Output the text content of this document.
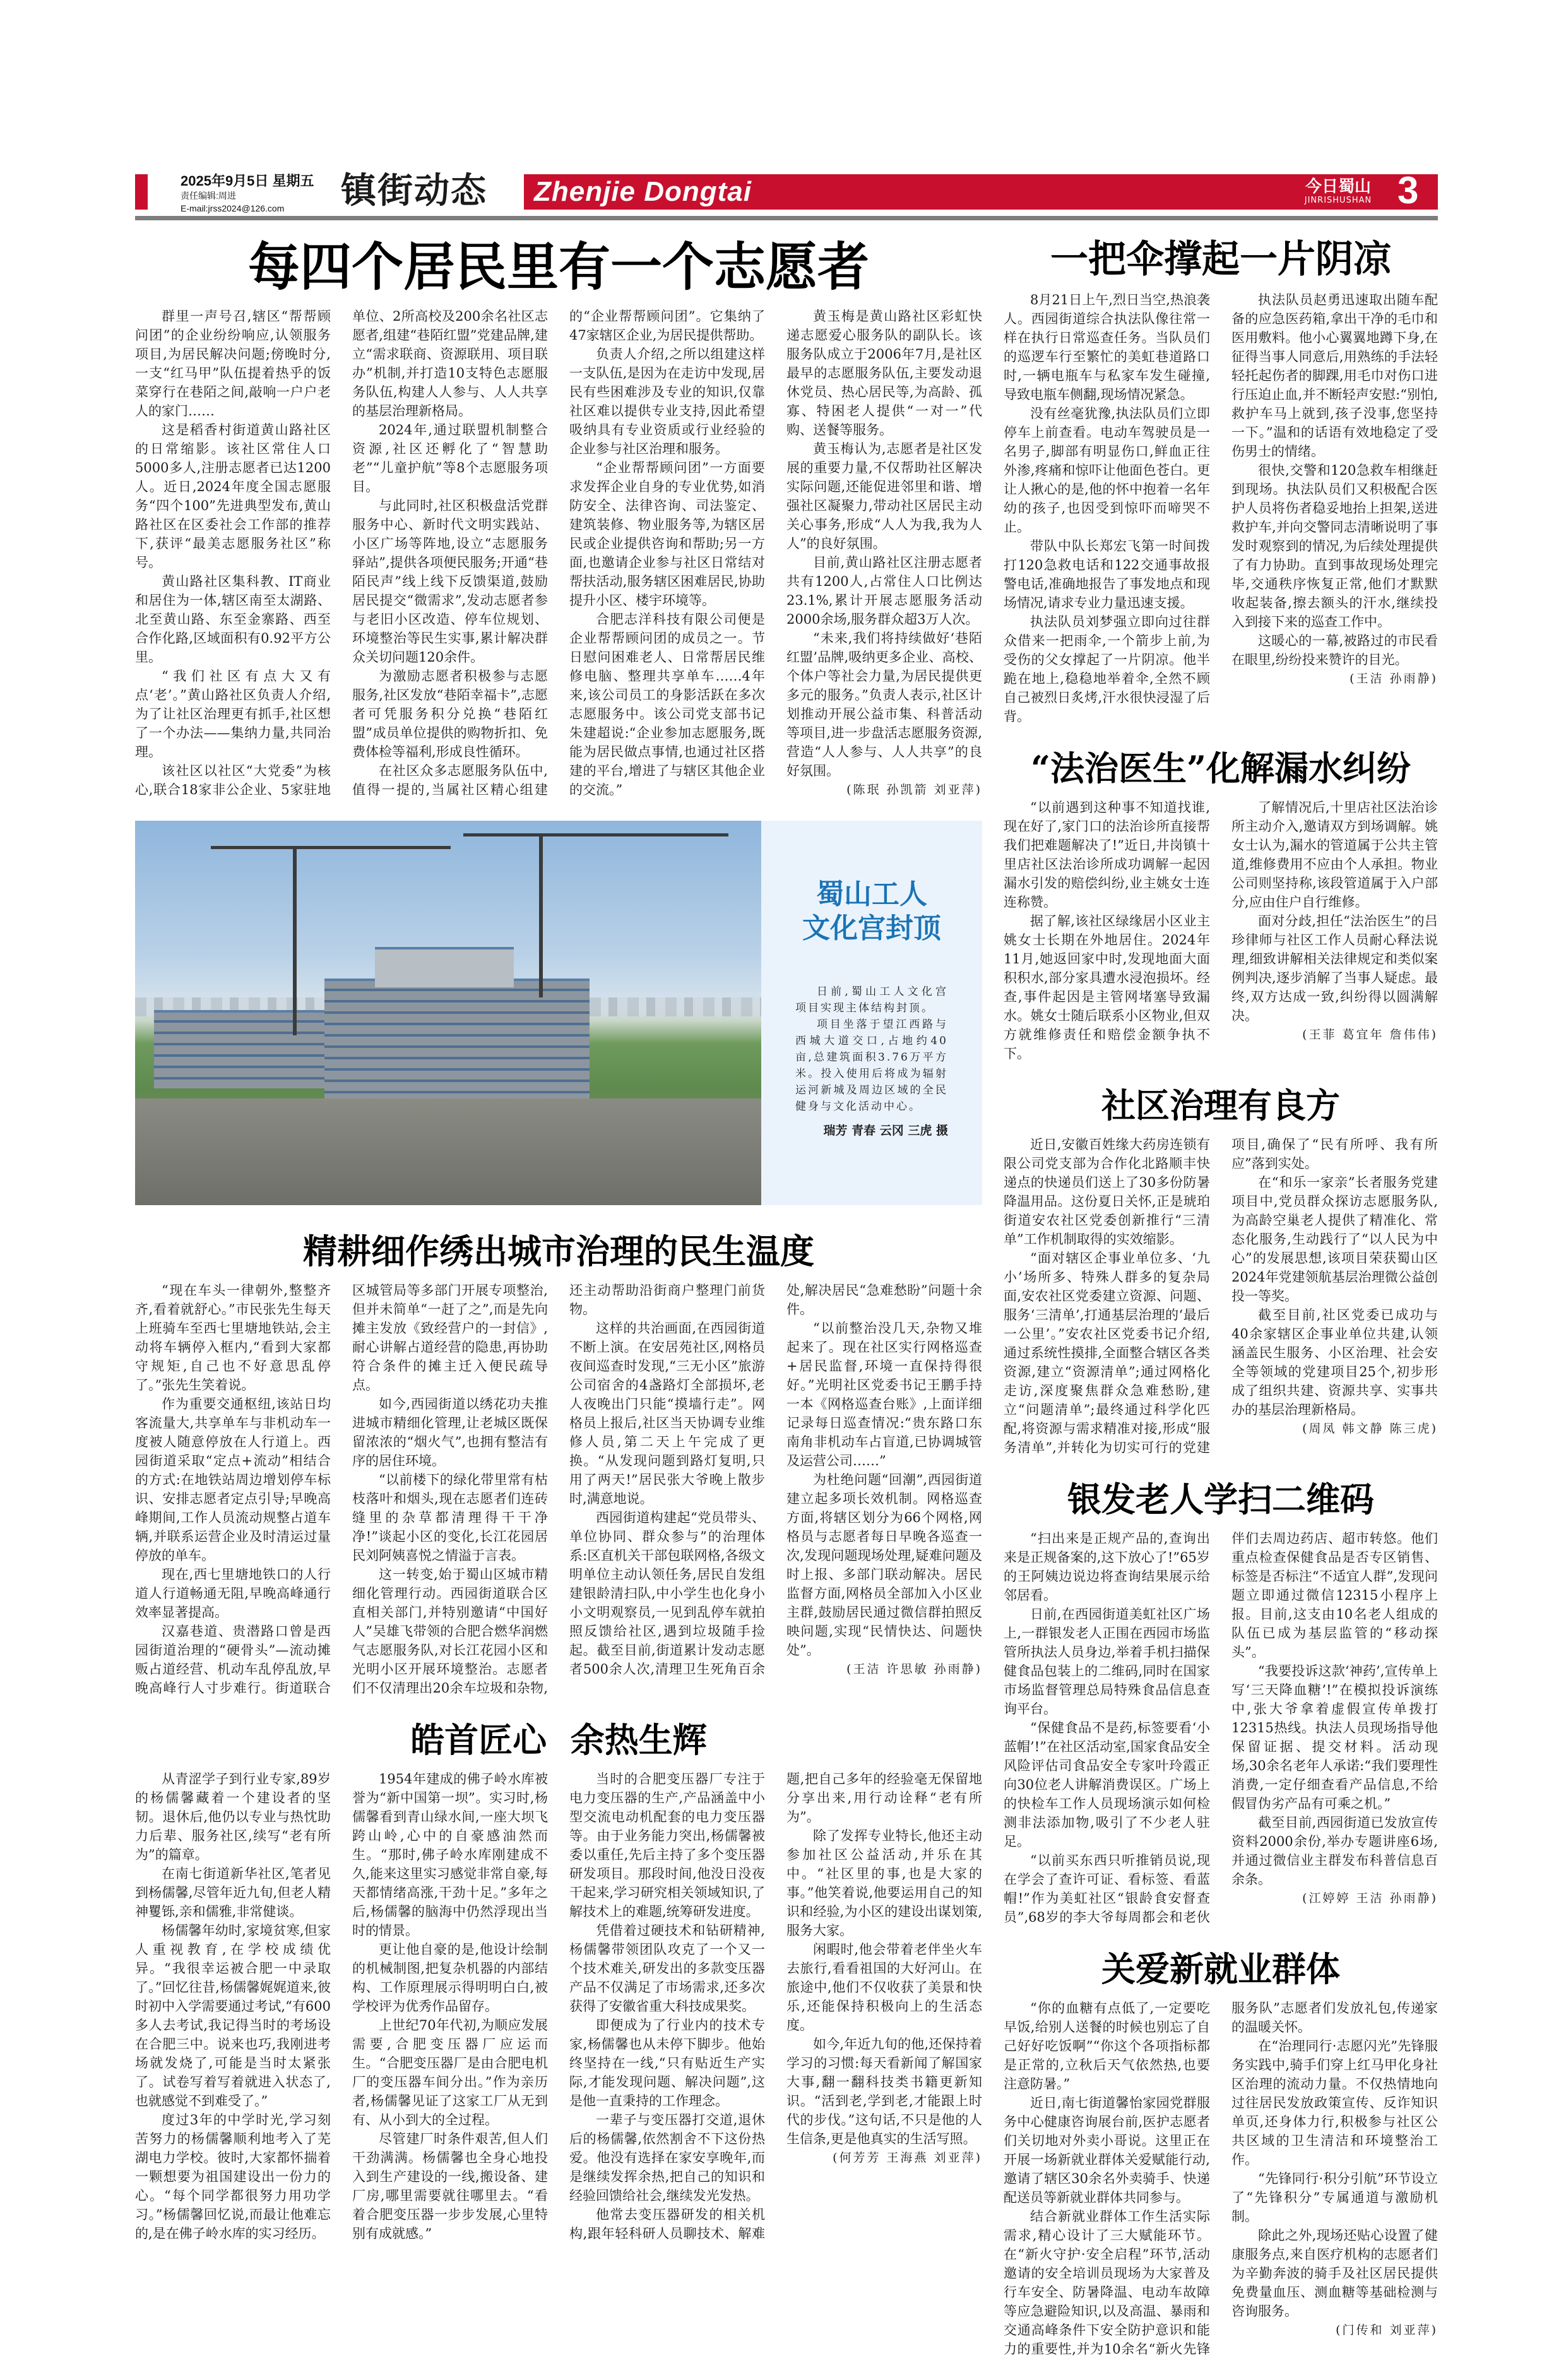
2025年9月5日 星期五
责任编辑:周进
E-mail:jrss2024@126.com	镇街动态 Zhenjie Dongtai	今日蜀山
JINRISHUSHAN 3
每四个居民里有一个志愿者

群里一声号召,辖区“帮帮顾问团”的企业纷纷响应,认领服务项目,为居民解决问题;傍晚时分,一支“红马甲”队伍提着热乎的饭菜穿行在巷陌之间,敲响一户户老人的家门……

这是稻香村街道黄山路社区的日常缩影。该社区常住人口5000多人,注册志愿者已达1200人。近日,2024年度全国志愿服务“四个100”先进典型发布,黄山路社区在区委社会工作部的推荐下,获评“最美志愿服务社区”称号。

黄山路社区集科教、IT商业和居住为一体,辖区南至太湖路、北至黄山路、东至金寨路、西至合作化路,区域面积有0.92平方公里。

“我们社区有点大又有点‘老’。”黄山路社区负责人介绍,为了让社区治理更有抓手,社区想了一个办法——集纳力量,共同治理。

该社区以社区“大党委”为核心,联合18家非公企业、5家驻地单位、2所高校及200余名社区志愿者,组建“巷陌红盟”党建品牌,建立“需求联商、资源联用、项目联办”机制,并打造10支特色志愿服务队伍,构建人人参与、人人共享的基层治理新格局。

2024年,通过联盟机制整合资源,社区还孵化了“智慧助老”“儿童护航”等8个志愿服务项目。

与此同时,社区积极盘活党群服务中心、新时代文明实践站、小区广场等阵地,设立“志愿服务驿站”,提供各项便民服务;开通“巷陌民声”线上线下反馈渠道,鼓励居民提交“微需求”,发动志愿者参与老旧小区改造、停车位规划、环境整治等民生实事,累计解决群众关切问题120余件。

为激励志愿者积极参与志愿服务,社区发放“巷陌幸福卡”,志愿者可凭服务积分兑换“巷陌红盟”成员单位提供的购物折扣、免费体检等福利,形成良性循环。

在社区众多志愿服务队伍中,值得一提的,当属社区精心组建的“企业帮帮顾问团”。它集纳了47家辖区企业,为居民提供帮助。

负责人介绍,之所以组建这样一支队伍,是因为在走访中发现,居民有些困难涉及专业的知识,仅靠社区难以提供专业支持,因此希望吸纳具有专业资质或行业经验的企业参与社区治理和服务。

“企业帮帮顾问团”一方面要求发挥企业自身的专业优势,如消防安全、法律咨询、司法鉴定、建筑装修、物业服务等,为辖区居民或企业提供咨询和帮助;另一方面,也邀请企业参与社区日常结对帮扶活动,服务辖区困难居民,协助提升小区、楼宇环境等。

合肥志洋科技有限公司便是企业帮帮顾问团的成员之一。节日慰问困难老人、日常帮居民维修电脑、整理共享单车……4年来,该公司员工的身影活跃在多次志愿服务中。该公司党支部书记朱建超说:“企业参加志愿服务,既能为居民做点事情,也通过社区搭建的平台,增进了与辖区其他企业的交流。”

黄玉梅是黄山路社区彩虹快递志愿爱心服务队的副队长。该服务队成立于2006年7月,是社区最早的志愿服务队伍,主要发动退休党员、热心居民等,为高龄、孤寡、特困老人提供“一对一”代购、送餐等服务。

黄玉梅认为,志愿者是社区发展的重要力量,不仅帮助社区解决实际问题,还能促进邻里和谐、增强社区凝聚力,带动社区居民主动关心事务,形成“人人为我,我为人人”的良好氛围。

目前,黄山路社区注册志愿者共有1200人,占常住人口比例达23.1%,累计开展志愿服务活动2000余场,服务群众超3万人次。

“未来,我们将持续做好‘巷陌红盟’品牌,吸纳更多企业、高校、个体户等社会力量,为居民提供更多元的服务。”负责人表示,社区计划推动开展公益市集、科普活动等项目,进一步盘活志愿服务资源,营造“人人参与、人人共享”的良好氛围。

(陈珉 孙凯箭 刘亚萍)

蜀山工人
文化宫封顶

日前,蜀山工人文化宫项目实现主体结构封顶。

项目坐落于望江西路与西城大道交口,占地约40亩,总建筑面积3.76万平方米。投入使用后将成为辐射运河新城及周边区域的全民健身与文化活动中心。

瑞芳 青春 云冈 三虎 摄
精耕细作绣出城市治理的民生温度

“现在车头一律朝外,整整齐齐,看着就舒心。”市民张先生每天上班骑车至西七里塘地铁站,会主动将车辆停入框内,“看到大家都守规矩,自己也不好意思乱停了。”张先生笑着说。

作为重要交通枢纽,该站日均客流量大,共享单车与非机动车一度被人随意停放在人行道上。西园街道采取“定点+流动”相结合的方式:在地铁站周边增划停车标识、安排志愿者定点引导;早晚高峰期间,工作人员流动规整占道车辆,并联系运营企业及时清运过量停放的单车。

现在,西七里塘地铁口的人行道人行道畅通无阻,早晚高峰通行效率显著提高。

汉嘉巷道、贵潜路口曾是西园街道治理的“硬骨头”—流动摊贩占道经营、机动车乱停乱放,早晚高峰行人寸步难行。街道联合区城管局等多部门开展专项整治,但并未简单“一赶了之”,而是先向摊主发放《致经营户的一封信》,耐心讲解占道经营的隐患,再协助符合条件的摊主迁入便民疏导点。

如今,西园街道以绣花功夫推进城市精细化管理,让老城区既保留浓浓的“烟火气”,也拥有整洁有序的居住环境。

“以前楼下的绿化带里常有枯枝落叶和烟头,现在志愿者们连砖缝里的杂草都清理得干干净净!”谈起小区的变化,长江花园居民刘阿姨喜悦之情溢于言表。

这一转变,始于蜀山区城市精细化管理行动。西园街道联合区直相关部门,并特别邀请“中国好人”吴雄飞带领的合肥合燃华润燃气志愿服务队,对长江花园小区和光明小区开展环境整治。志愿者们不仅清理出20余车垃圾和杂物,还主动帮助沿街商户整理门前货物。

这样的共治画面,在西园街道不断上演。在安居苑社区,网格员夜间巡查时发现,“三无小区”旅游公司宿舍的4盏路灯全部损坏,老人夜晚出门只能“摸墙行走”。网格员上报后,社区当天协调专业维修人员,第二天上午完成了更换。“从发现问题到路灯复明,只用了两天!”居民张大爷晚上散步时,满意地说。

西园街道构建起“党员带头、单位协同、群众参与”的治理体系:区直机关干部包联网格,各级文明单位主动认领任务,居民自发组建银龄清扫队,中小学生也化身小小文明观察员,一见到乱停车就拍照反馈给社区,遇到垃圾随手捡起。截至目前,街道累计发动志愿者500余人次,清理卫生死角百余处,解决居民“急难愁盼”问题十余件。

“以前整治没几天,杂物又堆起来了。现在社区实行网格巡查+居民监督,环境一直保持得很好。”光明社区党委书记王鹏手持一本《网格巡查台账》,上面详细记录每日巡查情况:“贵东路口东南角非机动车占盲道,已协调城管及运营公司……”

为杜绝问题“回潮”,西园街道建立起多项长效机制。网格巡查方面,将辖区划分为66个网格,网格员与志愿者每日早晚各巡查一次,发现问题现场处理,疑难问题及时上报、多部门联动解决。居民监督方面,网格员全部加入小区业主群,鼓励居民通过微信群拍照反映问题,实现“民情快达、问题快处”。

(王洁 许思敏 孙雨静)

皓首匠心 余热生辉

从青涩学子到行业专家,89岁的杨儒馨藏着一个建设者的坚韧。退休后,他仍以专业与热忱助力后辈、服务社区,续写“老有所为”的篇章。

在南七街道新华社区,笔者见到杨儒馨,尽管年近九旬,但老人精神矍铄,亲和儒雅,非常健谈。

杨儒馨年幼时,家境贫寒,但家人重视教育,在学校成绩优异。“我很幸运被合肥一中录取了。”回忆往昔,杨儒馨娓娓道来,彼时初中入学需要通过考试,“有600多人去考试,我记得当时的考场设在合肥三中。说来也巧,我刚进考场就发烧了,可能是当时太紧张了。试卷写着写着就进入状态了,也就感觉不到难受了。”

度过3年的中学时光,学习刻苦努力的杨儒馨顺利地考入了芜湖电力学校。彼时,大家都怀揣着一颗想要为祖国建设出一份力的心。“每个同学都很努力用功学习。”杨儒馨回忆说,而最让他难忘的,是在佛子岭水库的实习经历。

1954年建成的佛子岭水库被誉为“新中国第一坝”。实习时,杨儒馨看到青山绿水间,一座大坝飞跨山岭,心中的自豪感油然而生。“那时,佛子岭水库刚建成不久,能来这里实习感觉非常自豪,每天都情绪高涨,干劲十足。”多年之后,杨儒馨的脑海中仍然浮现出当时的情景。

更让他自豪的是,他设计绘制的机械制图,把复杂机器的内部结构、工作原理展示得明明白白,被学校评为优秀作品留存。

上世纪70年代初,为顺应发展需要,合肥变压器厂应运而生。“合肥变压器厂是由合肥电机厂的变压器车间分出。”作为亲历者,杨儒馨见证了这家工厂从无到有、从小到大的全过程。

尽管建厂时条件艰苦,但人们干劲满满。杨儒馨也全身心地投入到生产建设的一线,搬设备、建厂房,哪里需要就往哪里去。“看着合肥变压器一步步发展,心里特别有成就感。”

当时的合肥变压器厂专注于电力变压器的生产,产品涵盖中小型交流电动机配套的电力变压器等。由于业务能力突出,杨儒馨被委以重任,先后主持了多个变压器研发项目。那段时间,他没日没夜干起来,学习研究相关领域知识,了解技术上的难题,统筹研发进度。

凭借着过硬技术和钻研精神,杨儒馨带领团队攻克了一个又一个技术难关,研发出的多款变压器产品不仅满足了市场需求,还多次获得了安徽省重大科技成果奖。

即便成为了行业内的技术专家,杨儒馨也从未停下脚步。他始终坚持在一线,“只有贴近生产实际,才能发现问题、解决问题”,这是他一直秉持的工作理念。

一辈子与变压器打交道,退休后的杨儒馨,依然割舍不下这份热爱。他没有选择在家安享晚年,而是继续发挥余热,把自己的知识和经验回馈给社会,继续发光发热。

他常去变压器研发的相关机构,跟年轻科研人员聊技术、解难题,把自己多年的经验毫无保留地分享出来,用行动诠释“老有所为”。

除了发挥专业特长,他还主动参加社区公益活动,并乐在其中。“社区里的事,也是大家的事。”他笑着说,他要运用自己的知识和经验,为小区的建设出谋划策,服务大家。

闲暇时,他会带着老伴坐火车去旅行,看看祖国的大好河山。在旅途中,他们不仅收获了美景和快乐,还能保持积极向上的生活态度。

如今,年近九旬的他,还保持着学习的习惯:每天看新闻了解国家大事,翻一翻科技类书籍更新知识。“活到老,学到老,才能跟上时代的步伐。”这句话,不只是他的人生信条,更是他真实的生活写照。

(何芳芳 王海燕 刘亚萍)

一把伞撑起一片阴凉

8月21日上午,烈日当空,热浪袭人。西园街道综合执法队像往常一样在执行日常巡查任务。当队员们的巡逻车行至繁忙的美虹巷道路口时,一辆电瓶车与私家车发生碰撞,导致电瓶车侧翻,现场情况紧急。

没有丝毫犹豫,执法队员们立即停车上前查看。电动车驾驶员是一名男子,脚部有明显伤口,鲜血正往外渗,疼痛和惊吓让他面色苍白。更让人揪心的是,他的怀中抱着一名年幼的孩子,也因受到惊吓而啼哭不止。

带队中队长郑宏飞第一时间拨打120急救电话和122交通事故报警电话,准确地报告了事发地点和现场情况,请求专业力量迅速支援。

执法队员刘梦强立即向过往群众借来一把雨伞,一个箭步上前,为受伤的父女撑起了一片阴凉。他半跪在地上,稳稳地举着伞,全然不顾自己被烈日炙烤,汗水很快浸湿了后背。

执法队员赵勇迅速取出随车配备的应急医药箱,拿出干净的毛巾和医用敷料。他小心翼翼地蹲下身,在征得当事人同意后,用熟练的手法轻轻托起伤者的脚踝,用毛巾对伤口进行压迫止血,并不断轻声安慰:“别怕,救护车马上就到,孩子没事,您坚持一下。”温和的话语有效地稳定了受伤男士的情绪。

很快,交警和120急救车相继赶到现场。执法队员们又积极配合医护人员将伤者稳妥地抬上担架,送进救护车,并向交警同志清晰说明了事发时观察到的情况,为后续处理提供了有力协助。直到事故现场处理完毕,交通秩序恢复正常,他们才默默收起装备,擦去额头的汗水,继续投入到接下来的巡查工作中。

这暖心的一幕,被路过的市民看在眼里,纷纷投来赞许的目光。

(王洁 孙雨静)

“法治医生”化解漏水纠纷

“以前遇到这种事不知道找谁,现在好了,家门口的法治诊所直接帮我们把难题解决了!”近日,井岗镇十里店社区法治诊所成功调解一起因漏水引发的赔偿纠纷,业主姚女士连连称赞。

据了解,该社区绿缘居小区业主姚女士长期在外地居住。2024年11月,她返回家中时,发现地面大面积积水,部分家具遭水浸泡损坏。经查,事件起因是主管网堵塞导致漏水。姚女士随后联系小区物业,但双方就维修责任和赔偿金额争执不下。

了解情况后,十里店社区法治诊所主动介入,邀请双方到场调解。姚女士认为,漏水的管道属于公共主管道,维修费用不应由个人承担。物业公司则坚持称,该段管道属于入户部分,应由住户自行维修。

面对分歧,担任“法治医生”的吕珍律师与社区工作人员耐心释法说理,细致讲解相关法律规定和类似案例判决,逐步消解了当事人疑虑。最终,双方达成一致,纠纷得以圆满解决。

(王菲 葛宜年 詹伟伟)

社区治理有良方

近日,安徽百姓缘大药房连锁有限公司党支部为合作化北路顺丰快递点的快递员们送上了30多份防暑降温用品。这份夏日关怀,正是琥珀街道安农社区党委创新推行“三清单”工作机制取得的实效缩影。

“面对辖区企事业单位多、‘九小’场所多、特殊人群多的复杂局面,安农社区党委建立资源、问题、服务‘三清单’,打通基层治理的‘最后一公里’。”安农社区党委书记介绍,通过系统性摸排,全面整合辖区各类资源,建立“资源清单”;通过网格化走访,深度聚焦群众急难愁盼,建立“问题清单”;最终通过科学化匹配,将资源与需求精准对接,形成“服务清单”,并转化为切实可行的党建项目,确保了“民有所呼、我有所应”落到实处。

在“和乐一家亲”长者服务党建项目中,党员群众探访志愿服务队,为高龄空巢老人提供了精准化、常态化服务,生动践行了“以人民为中心”的发展思想,该项目荣获蜀山区2024年党建领航基层治理微公益创投一等奖。

截至目前,社区党委已成功与40余家辖区企事业单位共建,认领涵盖民生服务、小区治理、社会安全等领域的党建项目25个,初步形成了组织共建、资源共享、实事共办的基层治理新格局。

(周凤 韩文静 陈三虎)

银发老人学扫二维码

“扫出来是正规产品的,查询出来是正规备案的,这下放心了!”65岁的王阿姨边说边将查询结果展示给邻居看。

日前,在西园街道美虹社区广场上,一群银发老人正围在西园市场监管所执法人员身边,举着手机扫描保健食品包装上的二维码,同时在国家市场监督管理总局特殊食品信息查询平台。

“保健食品不是药,标签要看‘小蓝帽’!”在社区活动室,国家食品安全风险评估司食品安全专家叶玲霞正向30位老人讲解消费误区。广场上的快检车工作人员现场演示如何检测非法添加物,吸引了不少老人驻足。

“以前买东西只听推销员说,现在学会了查许可证、看标签、看蓝帽!”作为美虹社区“银龄食安督查员”,68岁的李大爷每周都会和老伙伴们去周边药店、超市转悠。他们重点检查保健食品是否专区销售、标签是否标注“不适宜人群”,发现问题立即通过微信12315小程序上报。目前,这支由10名老人组成的队伍已成为基层监管的“移动探头”。

“我要投诉这款‘神药’,宣传单上写‘三天降血糖’!”在模拟投诉演练中,张大爷拿着虚假宣传单拨打12315热线。执法人员现场指导他保留证据、提交材料。活动现场,30余名老年人承诺:“我们要理性消费,一定仔细查看产品信息,不给假冒伪劣产品有可乘之机。”

截至目前,西园街道已发放宣传资料2000余份,举办专题讲座6场,并通过微信业主群发布科普信息百余条。

(江婷婷 王洁 孙雨静)

关爱新就业群体

“你的血糖有点低了,一定要吃早饭,给别人送餐的时候也别忘了自己好好吃饭啊”“你这个各项指标都是正常的,立秋后天气依然热,也要注意防暑。”

近日,南七街道馨怡家园党群服务中心健康咨询展台前,医护志愿者们关切地对外卖小哥说。这里正在开展一场新就业群体关爱赋能行动,邀请了辖区30余名外卖骑手、快递配送员等新就业群体共同参与。

结合新就业群体工作生活实际需求,精心设计了三大赋能环节。在“新火守护·安全启程”环节,活动邀请的安全培训员现场为大家普及行车安全、防暑降温、电动车故障等应急避险知识,以及高温、暴雨和交通高峰条件下安全防护意识和能力的重要性,并为10余名“新火先锋服务队”志愿者们发放礼包,传递家的温暖关怀。

在“治理同行·志愿闪光”先锋服务实践中,骑手们穿上红马甲化身社区治理的流动力量。不仅热情地向过往居民发放政策宣传、反诈知识单页,还身体力行,积极参与社区公共区域的卫生清洁和环境整治工作。

“先锋同行·积分引航”环节设立了“先锋积分”专属通道与激励机制。

除此之外,现场还贴心设置了健康服务点,来自医疗机构的志愿者们为辛勤奔波的骑手及社区居民提供免费量血压、测血糖等基础检测与咨询服务。

(门传和 刘亚萍)
